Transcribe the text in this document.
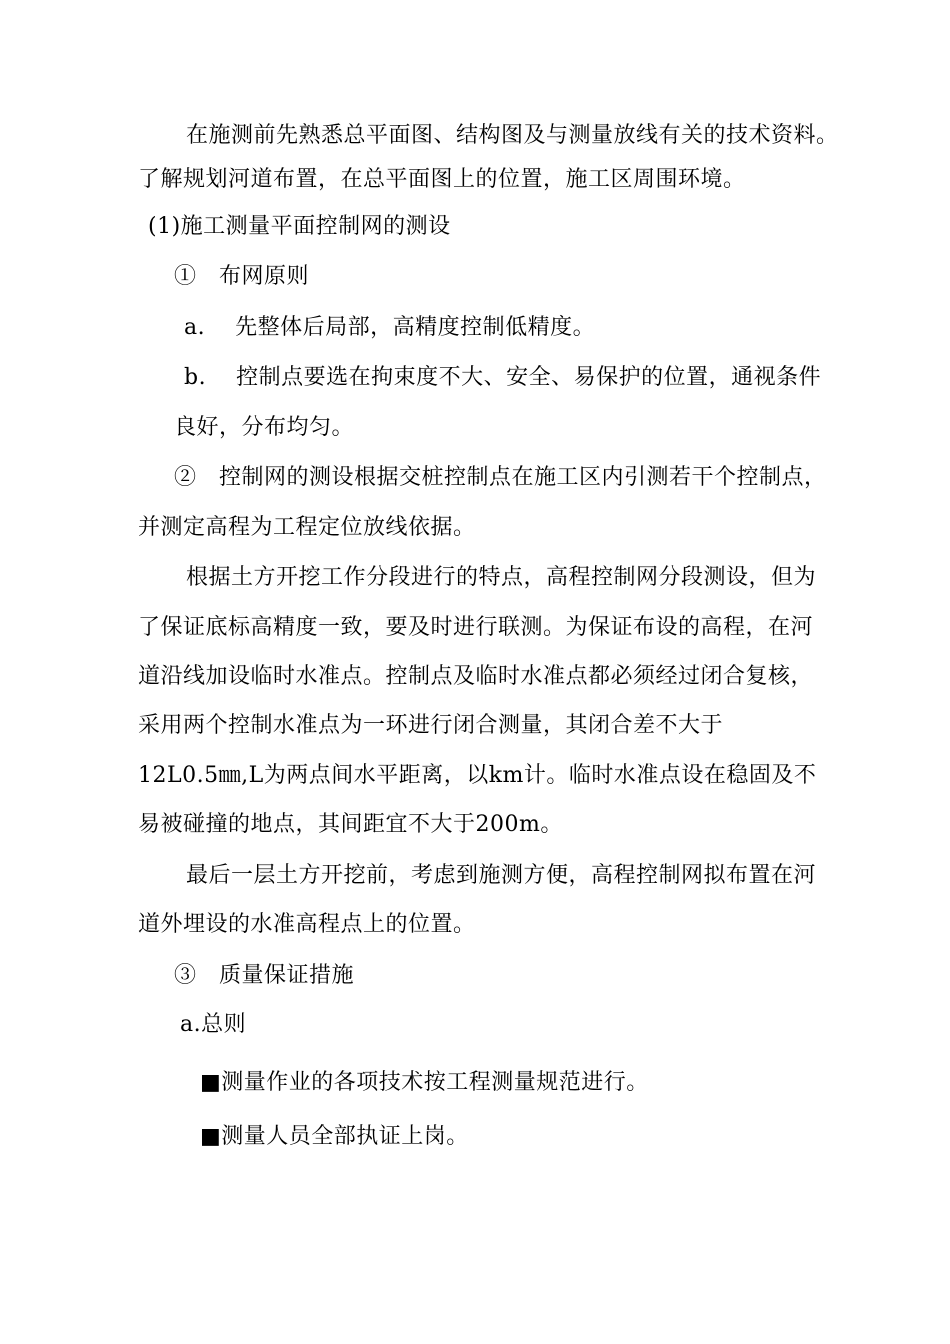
在施测前先熟悉总平面图、结构图及与测量放线有关的技术资料。
了解规划河道布置，在总平面图上的位置，施工区周围环境。
(1)施工测量平面控制网的测设
①　布网原则
a.　 先整体后局部，高精度控制低精度。
b.　 控制点要选在拘束度不大、安全、易保护的位置，通视条件
良好，分布均匀。
②　控制网的测设根据交桩控制点在施工区内引测若干个控制点，
并测定高程为工程定位放线依据。
根据土方开挖工作分段进行的特点，高程控制网分段测设，但为
了保证底标高精度一致，要及时进行联测。为保证布设的高程，在河
道沿线加设临时水准点。控制点及临时水准点都必须经过闭合复核，
采用两个控制水准点为一环进行闭合测量，其闭合差不大于
12L0.5㎜,L为两点间水平距离，以km计。临时水准点设在稳固及不
易被碰撞的地点，其间距宜不大于200m。
最后一层土方开挖前，考虑到施测方便，高程控制网拟布置在河
道外埋设的水准高程点上的位置。
③　质量保证措施
a.总则
■测量作业的各项技术按工程测量规范进行。
■测量人员全部执证上岗。
